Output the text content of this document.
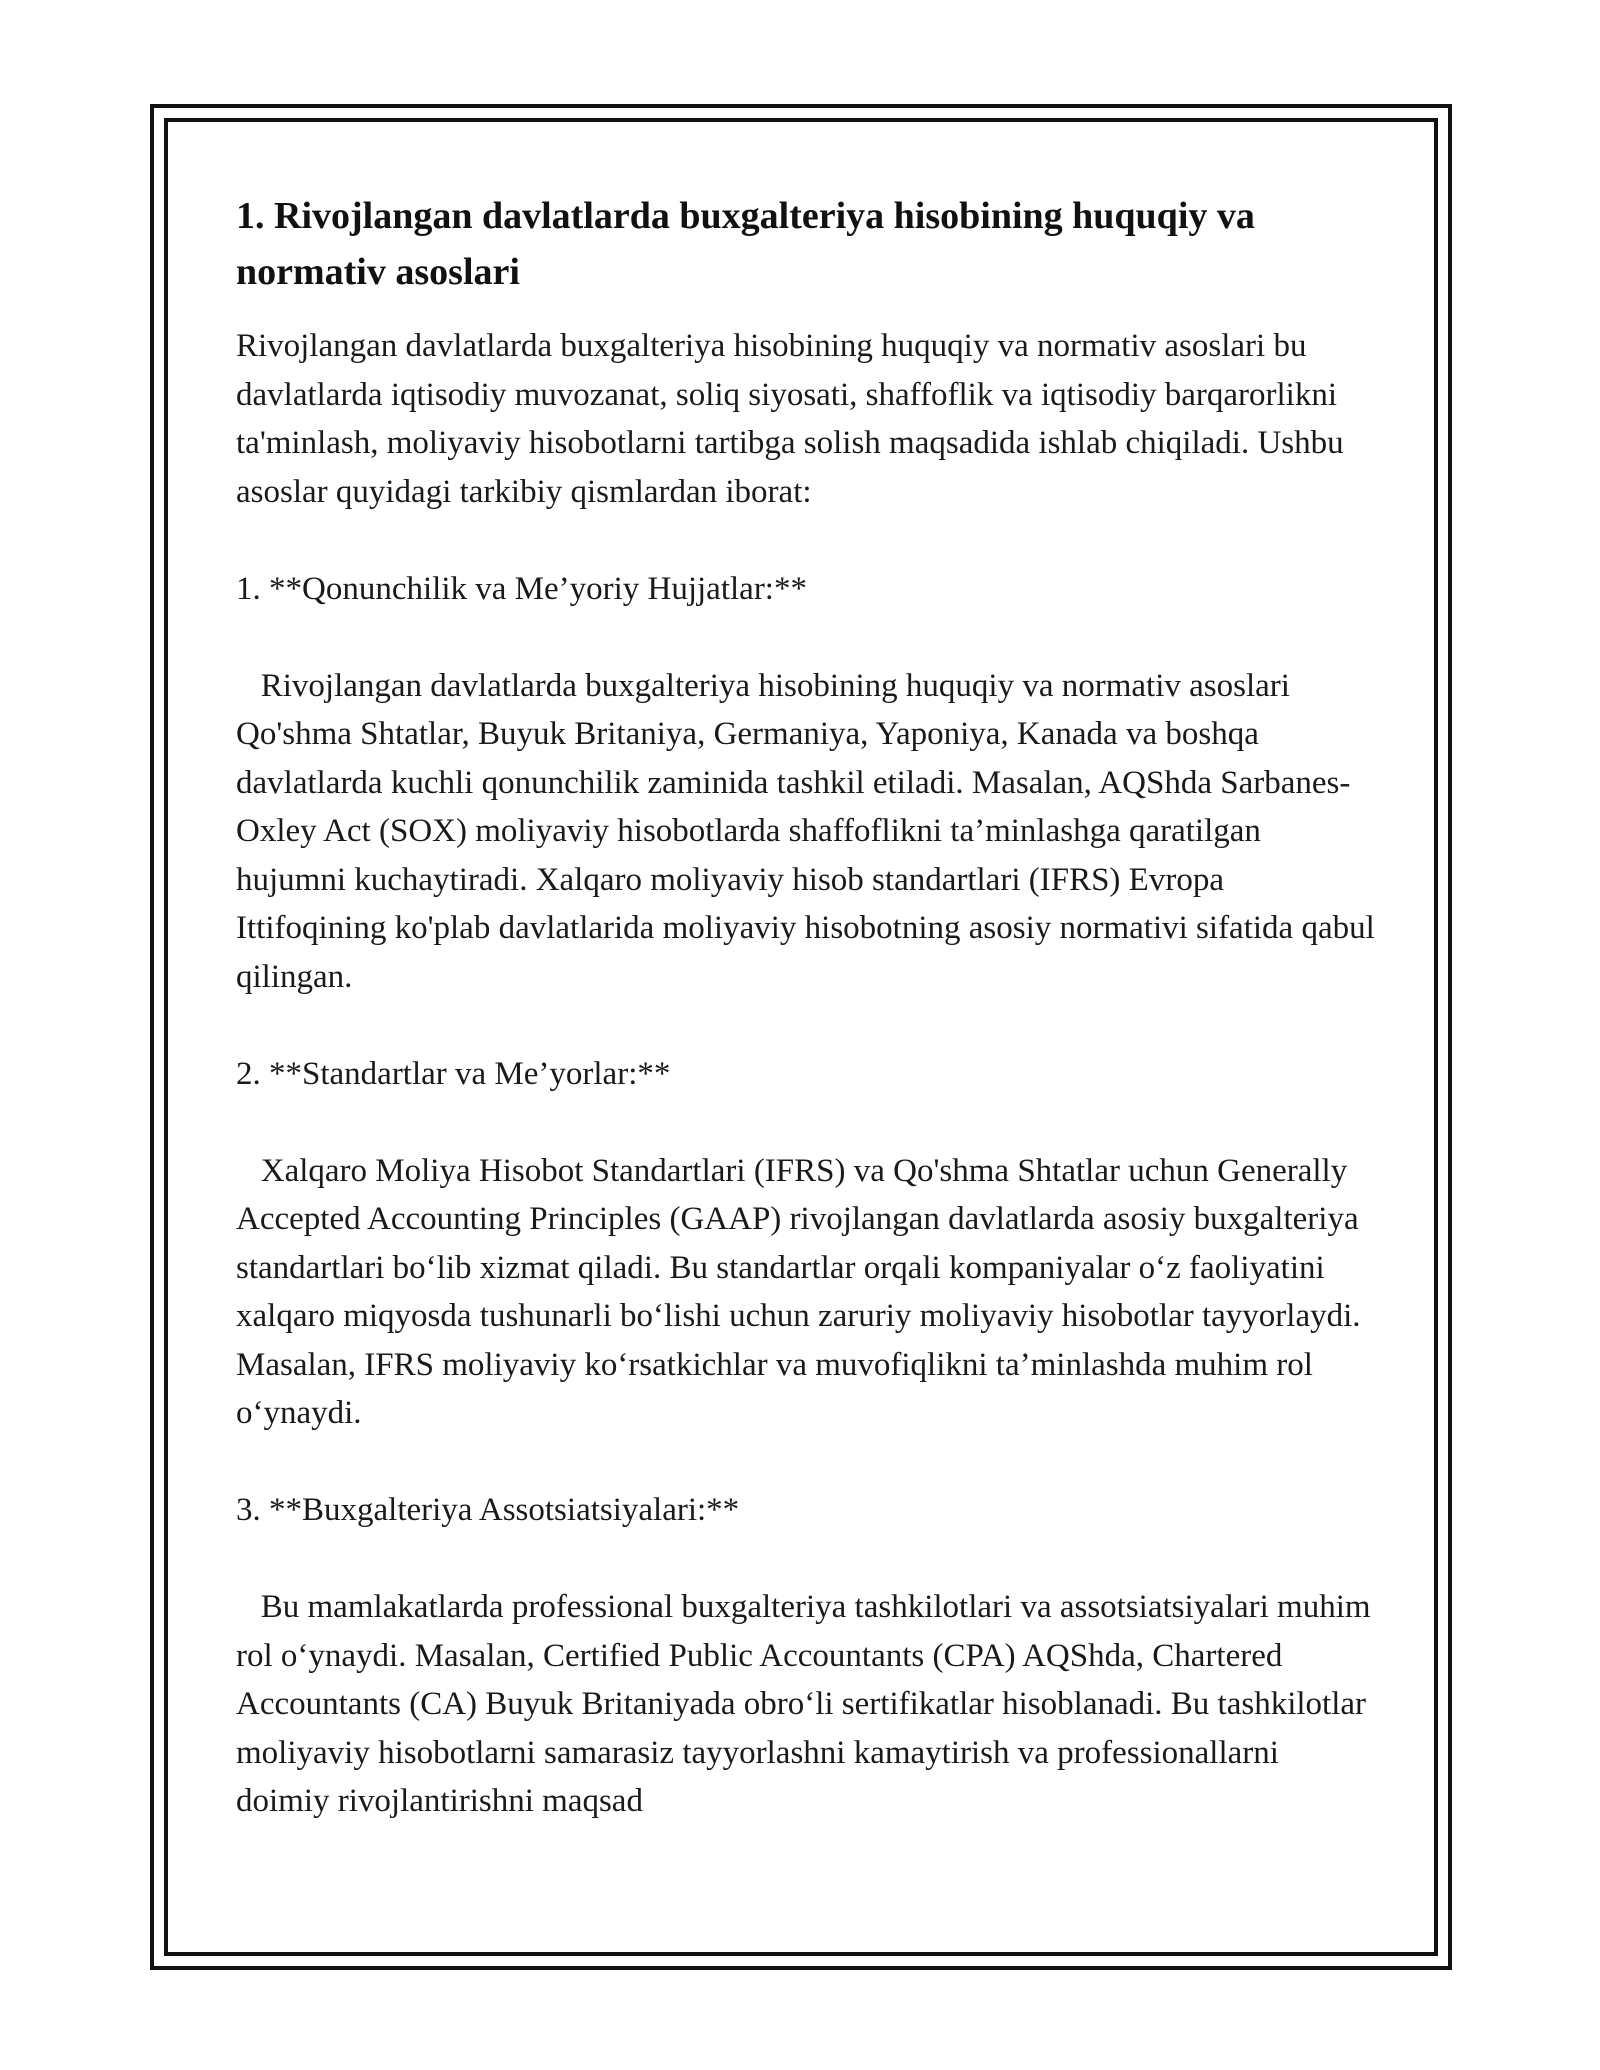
1. Rivojlangan davlatlarda buxgalteriya hisobining huquqiy va normativ asoslari

Rivojlangan davlatlarda buxgalteriya hisobining huquqiy va normativ asoslari bu davlatlarda iqtisodiy muvozanat, soliq siyosati, shaffoflik va iqtisodiy barqarorlikni ta'minlash, moliyaviy hisobotlarni tartibga solish maqsadida ishlab chiqiladi. Ushbu asoslar quyidagi tarkibiy qismlardan iborat:

1. **Qonunchilik va Me’yoriy Hujjatlar:**

Rivojlangan davlatlarda buxgalteriya hisobining huquqiy va normativ asoslari Qo'shma Shtatlar, Buyuk Britaniya, Germaniya, Yaponiya, Kanada va boshqa davlatlarda kuchli qonunchilik zaminida tashkil etiladi. Masalan, AQShda Sarbanes-Oxley Act (SOX) moliyaviy hisobotlarda shaffoflikni ta’minlashga qaratilgan hujumni kuchaytiradi. Xalqaro moliyaviy hisob standartlari (IFRS) Evropa Ittifoqining ko'plab davlatlarida moliyaviy hisobotning asosiy normativi sifatida qabul qilingan.

2. **Standartlar va Me’yorlar:**

Xalqaro Moliya Hisobot Standartlari (IFRS) va Qo'shma Shtatlar uchun Generally Accepted Accounting Principles (GAAP) rivojlangan davlatlarda asosiy buxgalteriya standartlari bo‘lib xizmat qiladi. Bu standartlar orqali kompaniyalar o‘z faoliyatini xalqaro miqyosda tushunarli bo‘lishi uchun zaruriy moliyaviy hisobotlar tayyorlaydi. Masalan, IFRS moliyaviy ko‘rsatkichlar va muvofiqlikni ta’minlashda muhim rol o‘ynaydi.

3. **Buxgalteriya Assotsiatsiyalari:**

Bu mamlakatlarda professional buxgalteriya tashkilotlari va assotsiatsiyalari muhim rol o‘ynaydi. Masalan, Certified Public Accountants (CPA) AQShda, Chartered Accountants (CA) Buyuk Britaniyada obro‘li sertifikatlar hisoblanadi. Bu tashkilotlar moliyaviy hisobotlarni samarasiz tayyorlashni kamaytirish va professionallarni doimiy rivojlantirishni maqsad
